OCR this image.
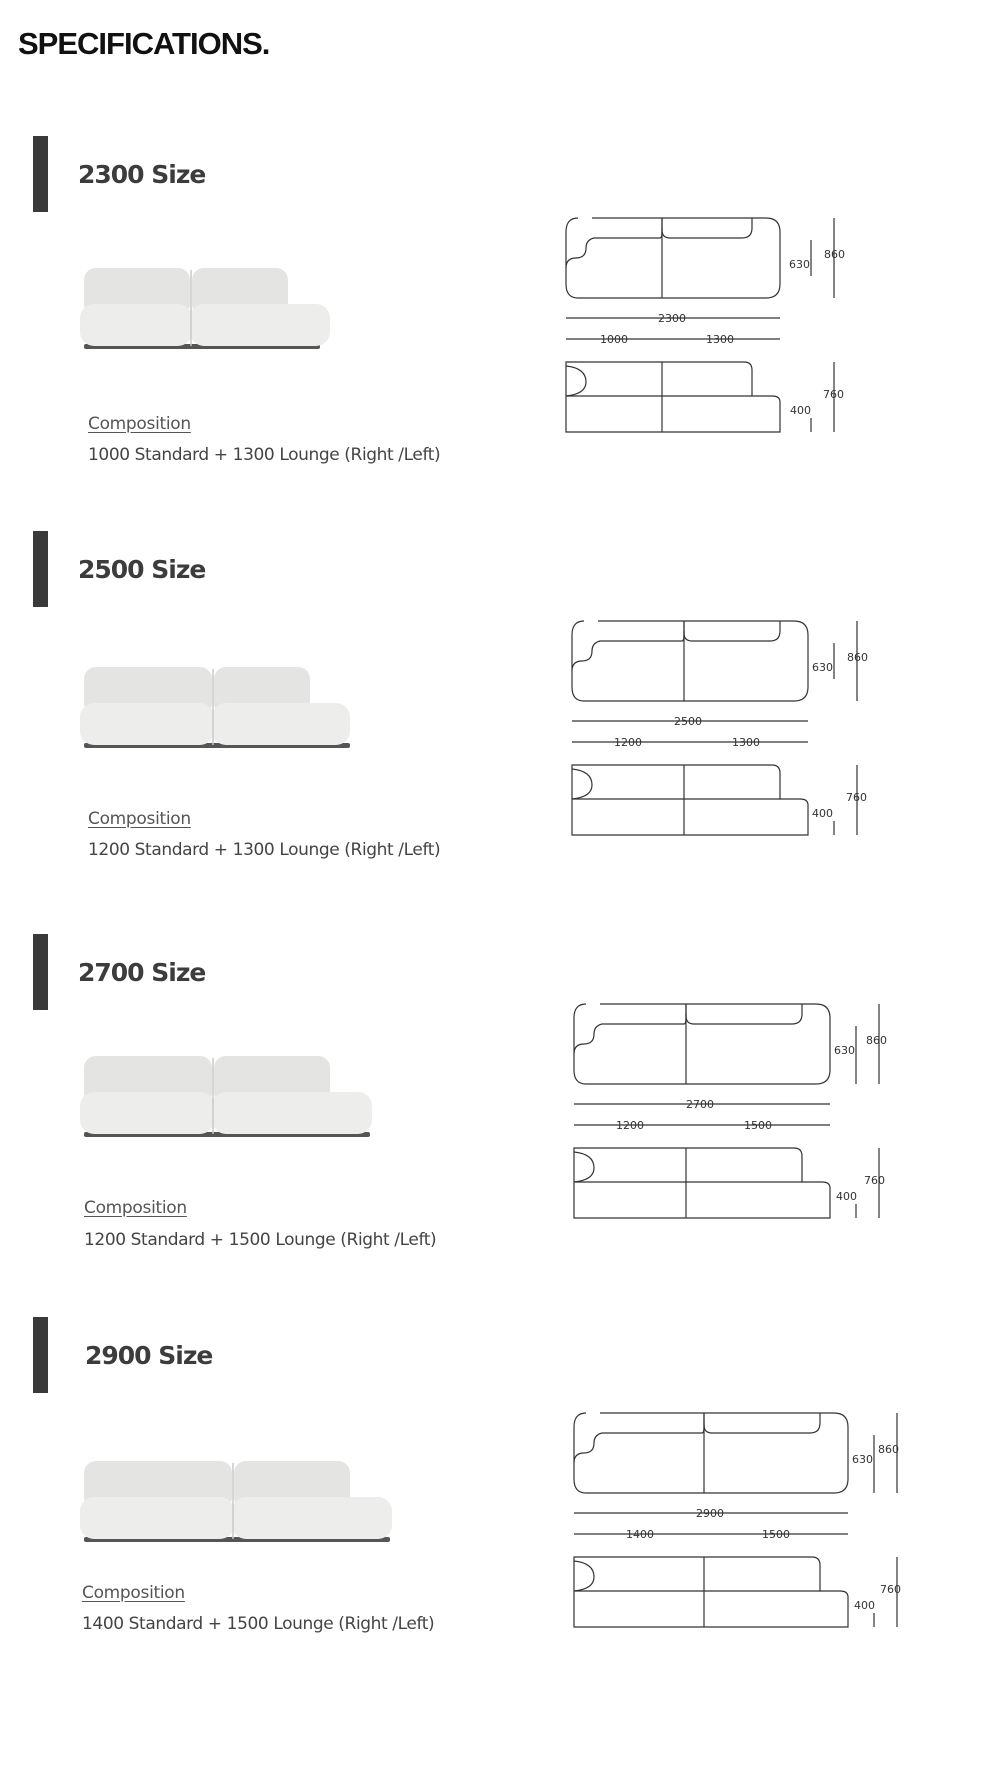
SPECIFICATIONS.
2300 Size
Composition
1000 Standard + 1300 Lounge (Right /Left)
2300
1000	1300
630
860
400
760
2500 Size
Composition
1200 Standard + 1300 Lounge (Right /Left)
2500
1200	1300
630
860
400
760
2700 Size
Composition
1200 Standard + 1500 Lounge (Right /Left)
2700
1200	1500
630
860
400
760
2900 Size
Composition
1400 Standard + 1500 Lounge (Right /Left)
2900
1400	1500
630
860
400
760
